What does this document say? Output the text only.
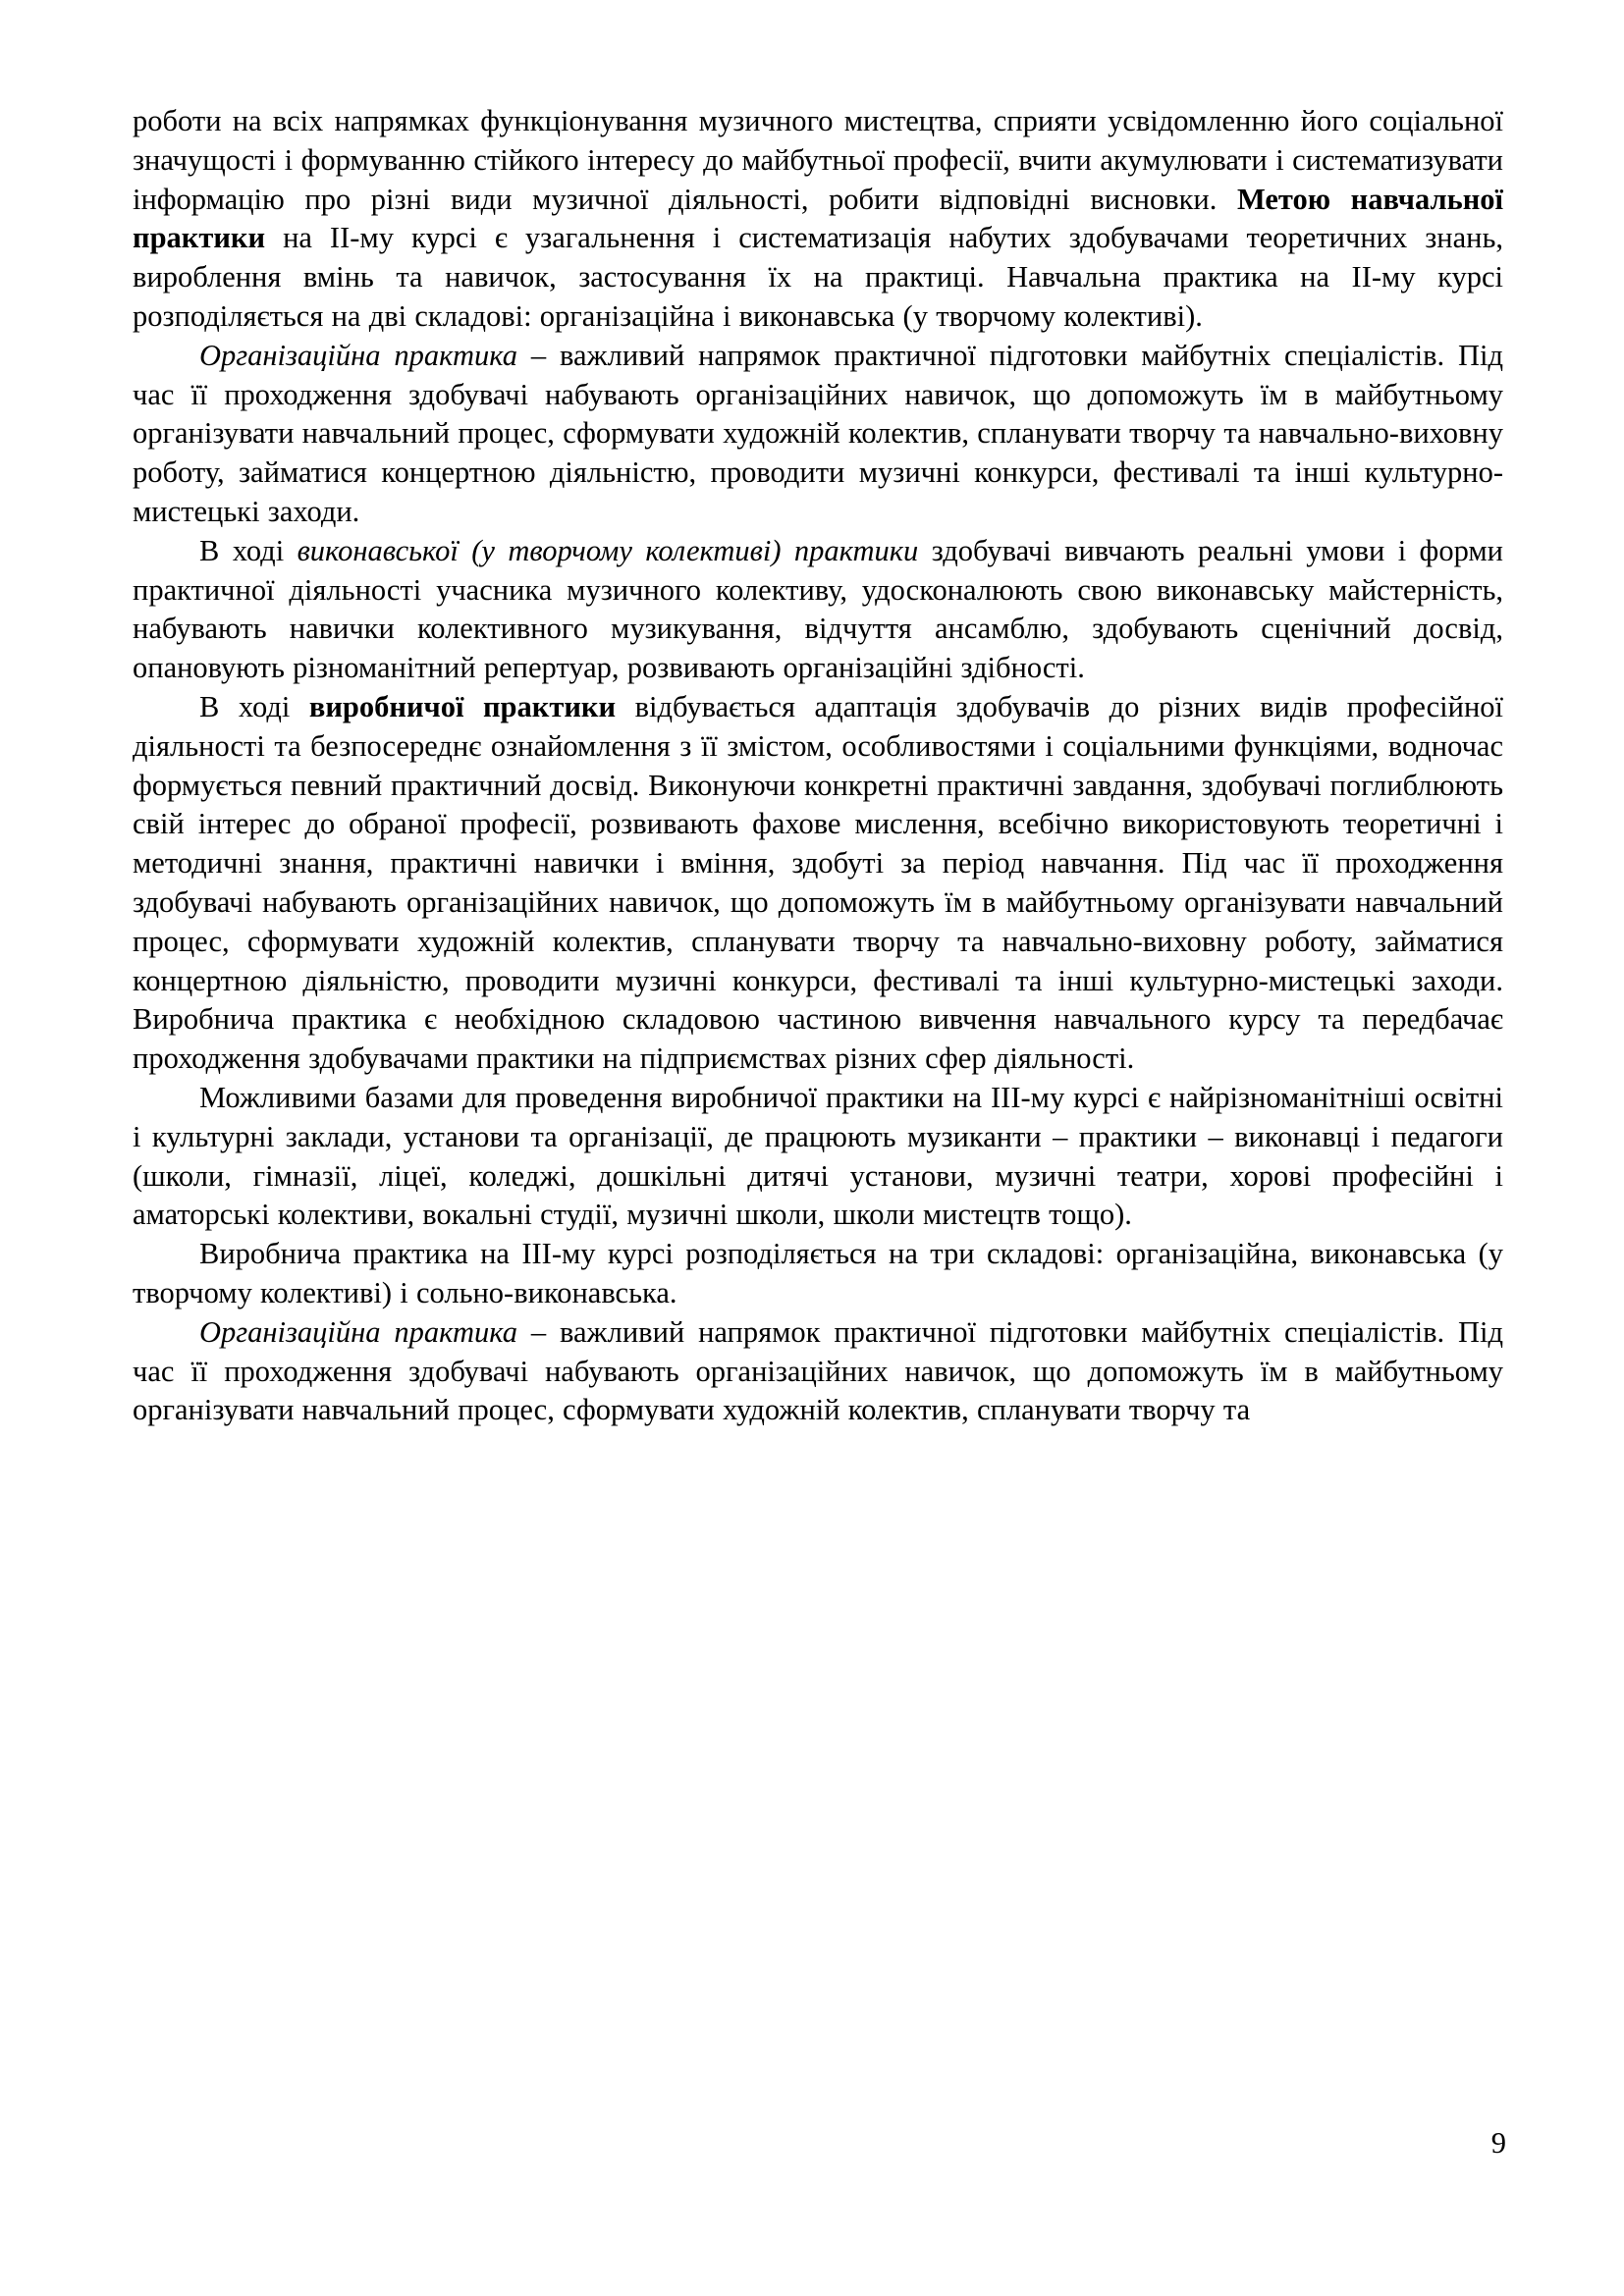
роботи на всіх напрямках функціонування музичного мистецтва, сприяти усвідомленню його соціальної значущості і формуванню стійкого інтересу до майбутньої професії, вчити акумулювати і систематизувати інформацію про різні види музичної діяльності, робити відповідні висновки. Метою навчальної практики на ІІ-му курсі є узагальнення і систематизація набутих здобувачами теоретичних знань, вироблення вмінь та навичок, застосування їх на практиці. Навчальна практика на ІІ-му курсі розподіляється на дві складові: організаційна і виконавська (у творчому колективі).

Організаційна практика – важливий напрямок практичної підготовки майбутніх спеціалістів. Під час її проходження здобувачі набувають організаційних навичок, що допоможуть їм в майбутньому організувати навчальний процес, сформувати художній колектив, спланувати творчу та навчально-виховну роботу, займатися концертною діяльністю, проводити музичні конкурси, фестивалі та інші культурно-мистецькі заходи.

В ході виконавської (у творчому колективі) практики здобувачі вивчають реальні умови і форми практичної діяльності учасника музичного колективу, удосконалюють свою виконавську майстерність, набувають навички колективного музикування, відчуття ансамблю, здобувають сценічний досвід, опановують різноманітний репертуар, розвивають організаційні здібності.

В ході виробничої практики відбувається адаптація здобувачів до різних видів професійної діяльності та безпосереднє ознайомлення з її змістом, особливостями і соціальними функціями, водночас формується певний практичний досвід. Виконуючи конкретні практичні завдання, здобувачі поглиблюють свій інтерес до обраної професії, розвивають фахове мислення, всебічно використовують теоретичні і методичні знання, практичні навички і вміння, здобуті за період навчання. Під час її проходження здобувачі набувають організаційних навичок, що допоможуть їм в майбутньому організувати навчальний процес, сформувати художній колектив, спланувати творчу та навчально-виховну роботу, займатися концертною діяльністю, проводити музичні конкурси, фестивалі та інші культурно-мистецькі заходи. Виробнича практика є необхідною складовою частиною вивчення навчального курсу та передбачає проходження здобувачами практики на підприємствах різних сфер діяльності.

Можливими базами для проведення виробничої практики на ІІІ-му курсі є найрізноманітніші освітні і культурні заклади, установи та організації, де працюють музиканти – практики – виконавці і педагоги (школи, гімназії, ліцеї, коледжі, дошкільні дитячі установи, музичні театри, хорові професійні і аматорські колективи, вокальні студії, музичні школи, школи мистецтв тощо).

Виробнича практика на ІІІ-му курсі розподіляється на три складові: організаційна, виконавська (у творчому колективі) і сольно-виконавська.

Організаційна практика – важливий напрямок практичної підготовки майбутніх спеціалістів. Під час її проходження здобувачі набувають організаційних навичок, що допоможуть їм в майбутньому організувати навчальний процес, сформувати художній колектив, спланувати творчу та

9
